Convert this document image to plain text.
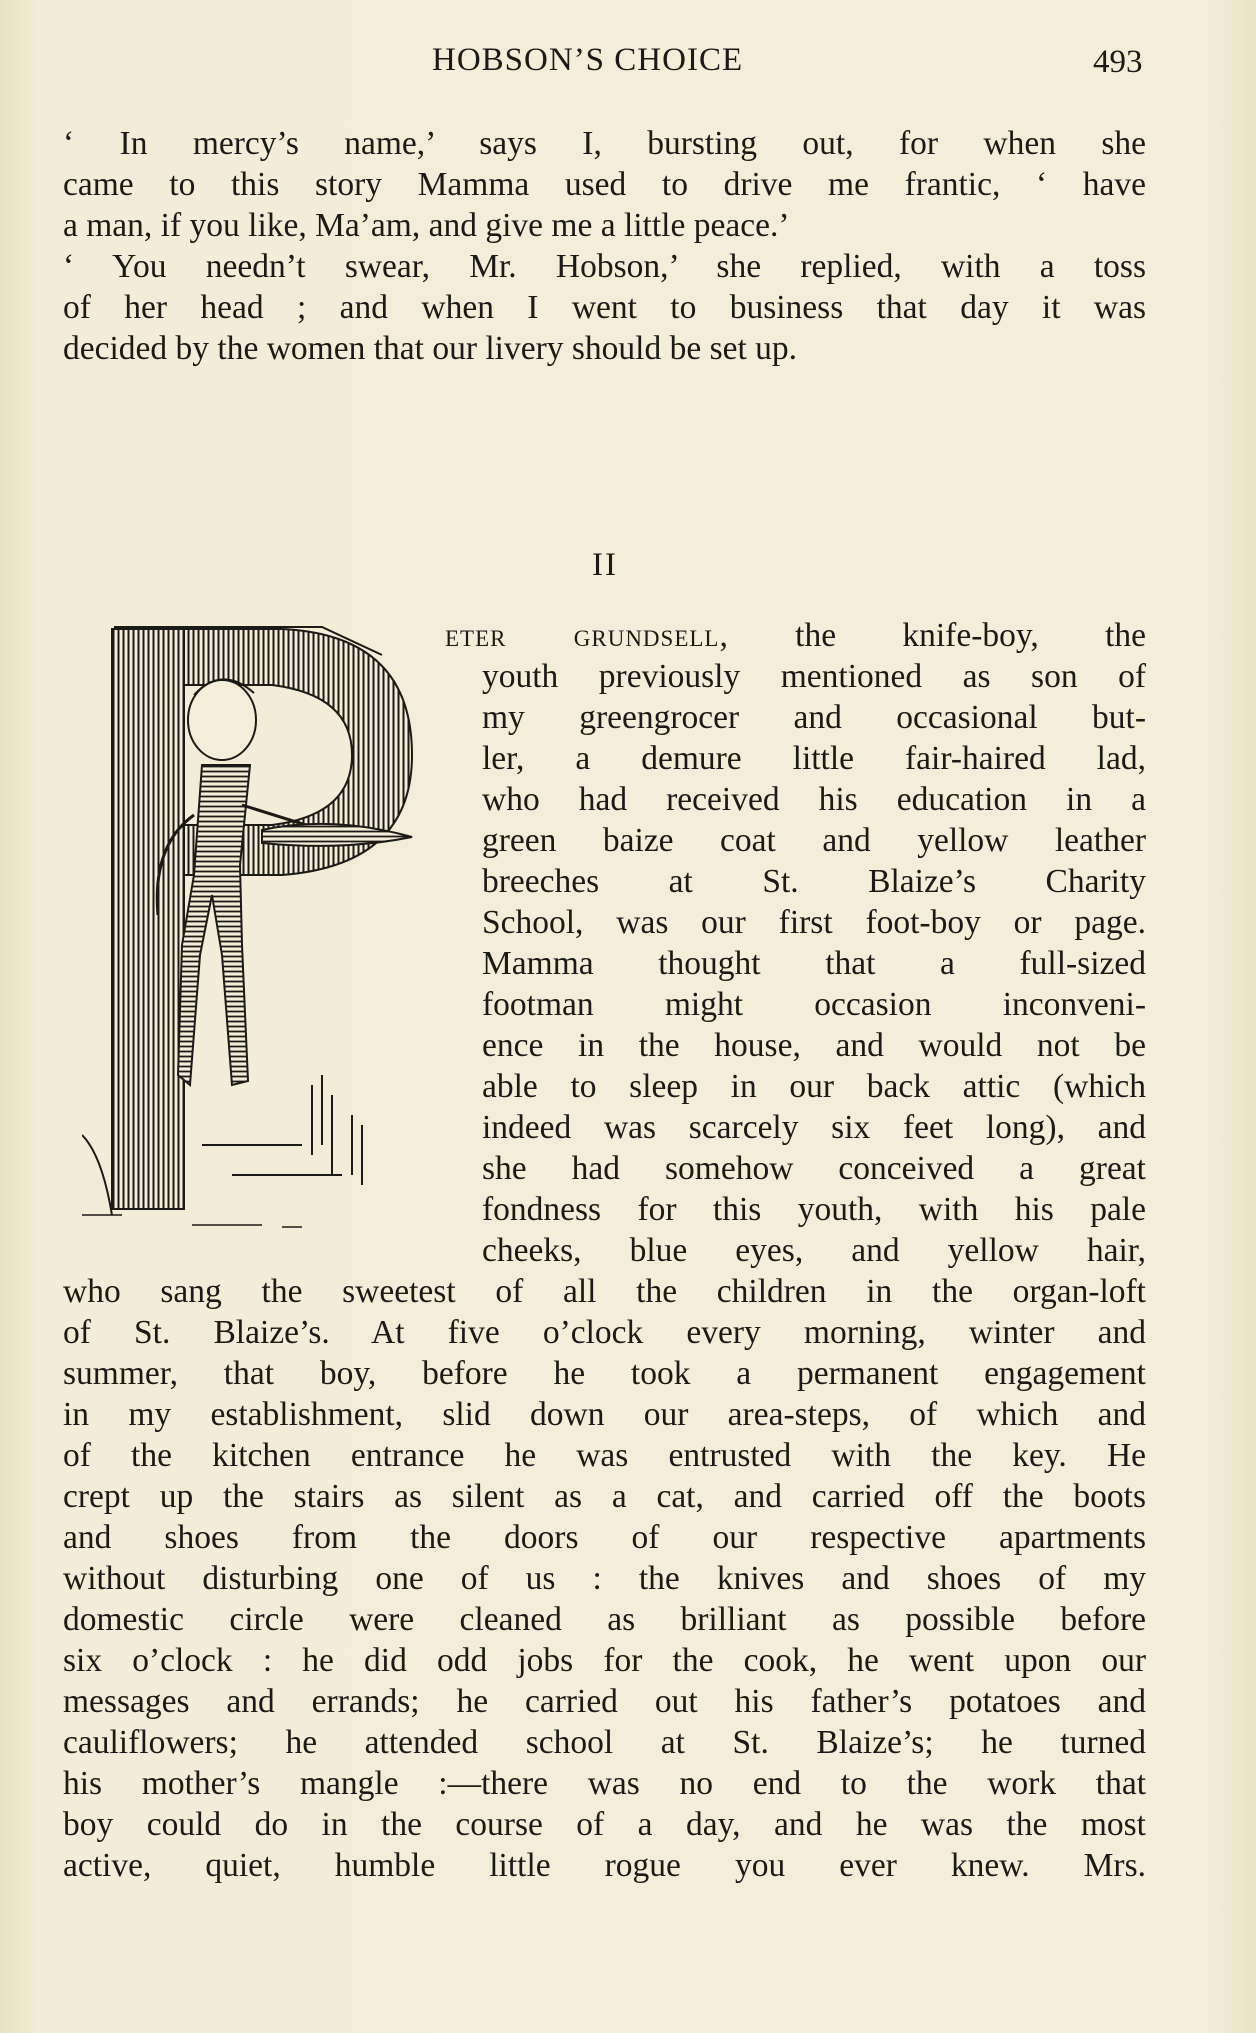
HOBSON’S CHOICE	493
‘ In mercy’s name,’ says I, bursting out, for when she
came to this story Mamma used to drive me frantic, ‘ have
a man, if you like, Ma’am, and give me a little peace.’
‘ You needn’t swear, Mr. Hobson,’ she replied, with a toss
of her head ; and when I went to business that day it was
decided by the women that our livery should be set up.
II
eter grundsell, the knife-boy, the
youth previously mentioned as son of
my greengrocer and occasional but-
ler, a demure little fair-haired lad,
who had received his education in a
green baize coat and yellow leather
breeches at St. Blaize’s Charity
School, was our first foot-boy or page.
Mamma thought that a full-sized
footman might occasion inconveni-
ence in the house, and would not be
able to sleep in our back attic (which
indeed was scarcely six feet long), and
she had somehow conceived a great
fondness for this youth, with his pale
cheeks, blue eyes, and yellow hair,
who sang the sweetest of all the children in the organ-loft
of St. Blaize’s. At five o’clock every morning, winter and
summer, that boy, before he took a permanent engagement
in my establishment, slid down our area-steps, of which and
of the kitchen entrance he was entrusted with the key. He
crept up the stairs as silent as a cat, and carried off the boots
and shoes from the doors of our respective apartments
without disturbing one of us : the knives and shoes of my
domestic circle were cleaned as brilliant as possible before
six o’clock : he did odd jobs for the cook, he went upon our
messages and errands; he carried out his father’s potatoes and
cauliflowers; he attended school at St. Blaize’s; he turned
his mother’s mangle :—there was no end to the work that
boy could do in the course of a day, and he was the most
active, quiet, humble little rogue you ever knew. Mrs.
